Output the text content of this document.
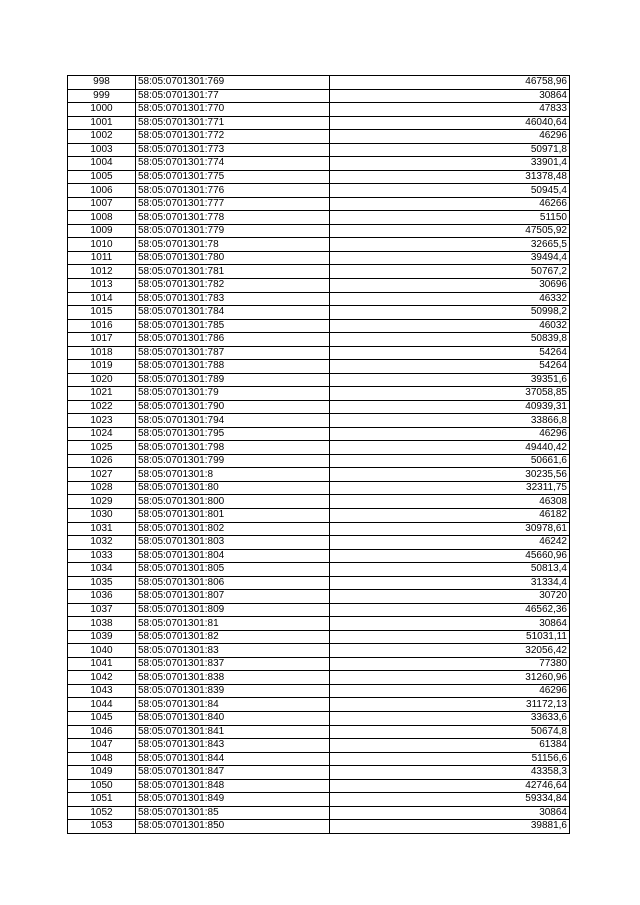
998	58:05:0701301:769	46758,96
999	58:05:0701301:77	30864
1000	58:05:0701301:770	47833
1001	58:05:0701301:771	46040,64
1002	58:05:0701301:772	46296
1003	58:05:0701301:773	50971,8
1004	58:05:0701301:774	33901,4
1005	58:05:0701301:775	31378,48
1006	58:05:0701301:776	50945,4
1007	58:05:0701301:777	46266
1008	58:05:0701301:778	51150
1009	58:05:0701301:779	47505,92
1010	58:05:0701301:78	32665,5
1011	58:05:0701301:780	39494,4
1012	58:05:0701301:781	50767,2
1013	58:05:0701301:782	30696
1014	58:05:0701301:783	46332
1015	58:05:0701301:784	50998,2
1016	58:05:0701301:785	46032
1017	58:05:0701301:786	50839,8
1018	58:05:0701301:787	54264
1019	58:05:0701301:788	54264
1020	58:05:0701301:789	39351,6
1021	58:05:0701301:79	37058,85
1022	58:05:0701301:790	40939,31
1023	58:05:0701301:794	33866,8
1024	58:05:0701301:795	46296
1025	58:05:0701301:798	49440,42
1026	58:05:0701301:799	50661,6
1027	58:05:0701301:8	30235,56
1028	58:05:0701301:80	32311,75
1029	58:05:0701301:800	46308
1030	58:05:0701301:801	46182
1031	58:05:0701301:802	30978,61
1032	58:05:0701301:803	46242
1033	58:05:0701301:804	45660,96
1034	58:05:0701301:805	50813,4
1035	58:05:0701301:806	31334,4
1036	58:05:0701301:807	30720
1037	58:05:0701301:809	46562,36
1038	58:05:0701301:81	30864
1039	58:05:0701301:82	51031,11
1040	58:05:0701301:83	32056,42
1041	58:05:0701301:837	77380
1042	58:05:0701301:838	31260,96
1043	58:05:0701301:839	46296
1044	58:05:0701301:84	31172,13
1045	58:05:0701301:840	33633,6
1046	58:05:0701301:841	50674,8
1047	58:05:0701301:843	61384
1048	58:05:0701301:844	51156,6
1049	58:05:0701301:847	43358,3
1050	58:05:0701301:848	42746,64
1051	58:05:0701301:849	59334,84
1052	58:05:0701301:85	30864
1053	58:05:0701301:850	39881,6
